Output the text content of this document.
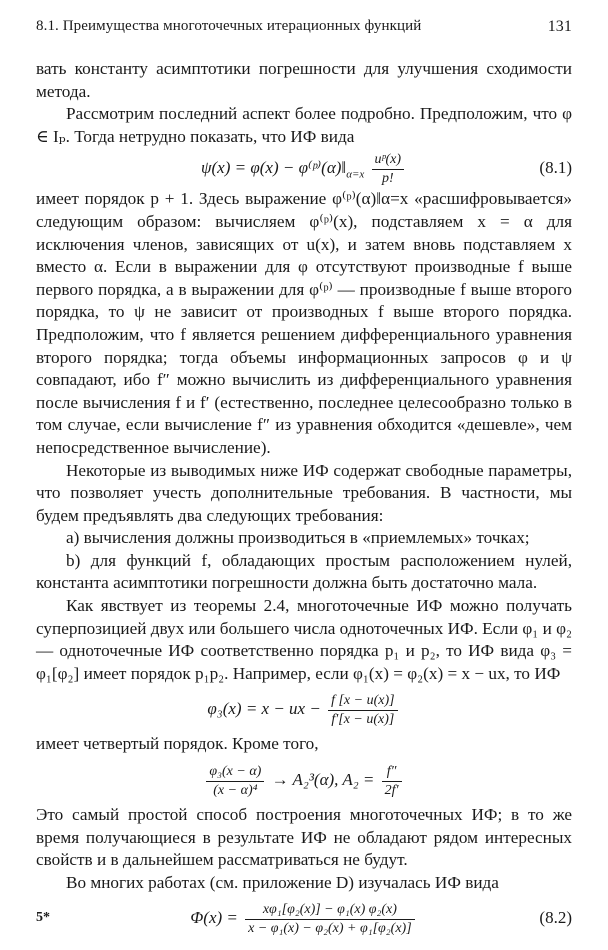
8.1. Преимущества многоточечных итерационных функций	131

вать константу асимптотики погрешности для улучшения сходимости метода.

Рассмотрим последний аспект более подробно. Предположим, что φ ∈ Iₚ. Тогда нетрудно показать, что ИФ вида

$\psi(x) = \varphi(x) - \varphi^(ᵖ^)(\alpha)‖_{\alpha=x} \frac{\text{uᵖ(x)}}{p!}$	(8.1)

имеет порядок p + 1. Здесь выражение φ⁽ᵖ⁾(α)‖α=x «расшифровывается» следующим образом: вычисляем φ⁽ᵖ⁾(x), подставляем x = α для исключения членов, зависящих от u(x), и затем вновь подставляем x вместо α. Если в выражении для φ отсутствуют производные f выше первого порядка, а в выражении для φ⁽ᵖ⁾ — производные f выше второго порядка, то ψ не зависит от производных f выше второго порядка. Предположим, что f является решением дифференциального уравнения второго порядка; тогда объемы информационных запросов φ и ψ совпадают, ибо f″ можно вычислить из дифференциального уравнения после вычисления f и f′ (естественно, последнее целесообразно только в том случае, если вычисление f″ из уравнения обходится «дешевле», чем непосредственное вычисление).

Некоторые из выводимых ниже ИФ содержат свободные параметры, что позволяет учесть дополнительные требования. В частности, мы будем предъявлять два следующих требования:

а) вычисления должны производиться в «приемлемых» точках;

b) для функций f, обладающих простым расположением нулей, константа асимптотики погрешности должна быть достаточно мала.

Как явствует из теоремы 2.4, многоточечные ИФ можно получать суперпозицией двух или большего числа одноточечных ИФ. Если φ₁ и φ₂ — одноточечные ИФ соответственно порядка p₁ и p₂, то ИФ вида φ₃ = φ₁[φ₂] имеет порядок p₁p₂. Например, если φ₁(x) = φ₂(x) = x − ux, то ИФ

φ₃(x) = x − ux − $\frac{f [x - u(x)]}{f'[x - u(x)]}$

имеет четвертый порядок. Кроме того,

$\frac{\text{φ₃(x − α)}}{\text{(x − α)⁴}} \to A_2^3(\alpha)$, $A_2 = \frac{f''}{2f'}$

Это самый простой способ построения многоточечных ИФ; в то же время получающиеся в результате ИФ не обладают рядом интересных свойств и в дальнейшем рассматриваться не будут.

Во многих работах (см. приложение D) изучалась ИФ вида

$\Phi(x) = \frac{\text{xφ₁[φ₂(x)] − φ₁(x) φ₂(x)}}{\text{x − φ₁(x) − φ₂(x) + φ₁[φ₂(x)]}}$	(8.2)
5*
